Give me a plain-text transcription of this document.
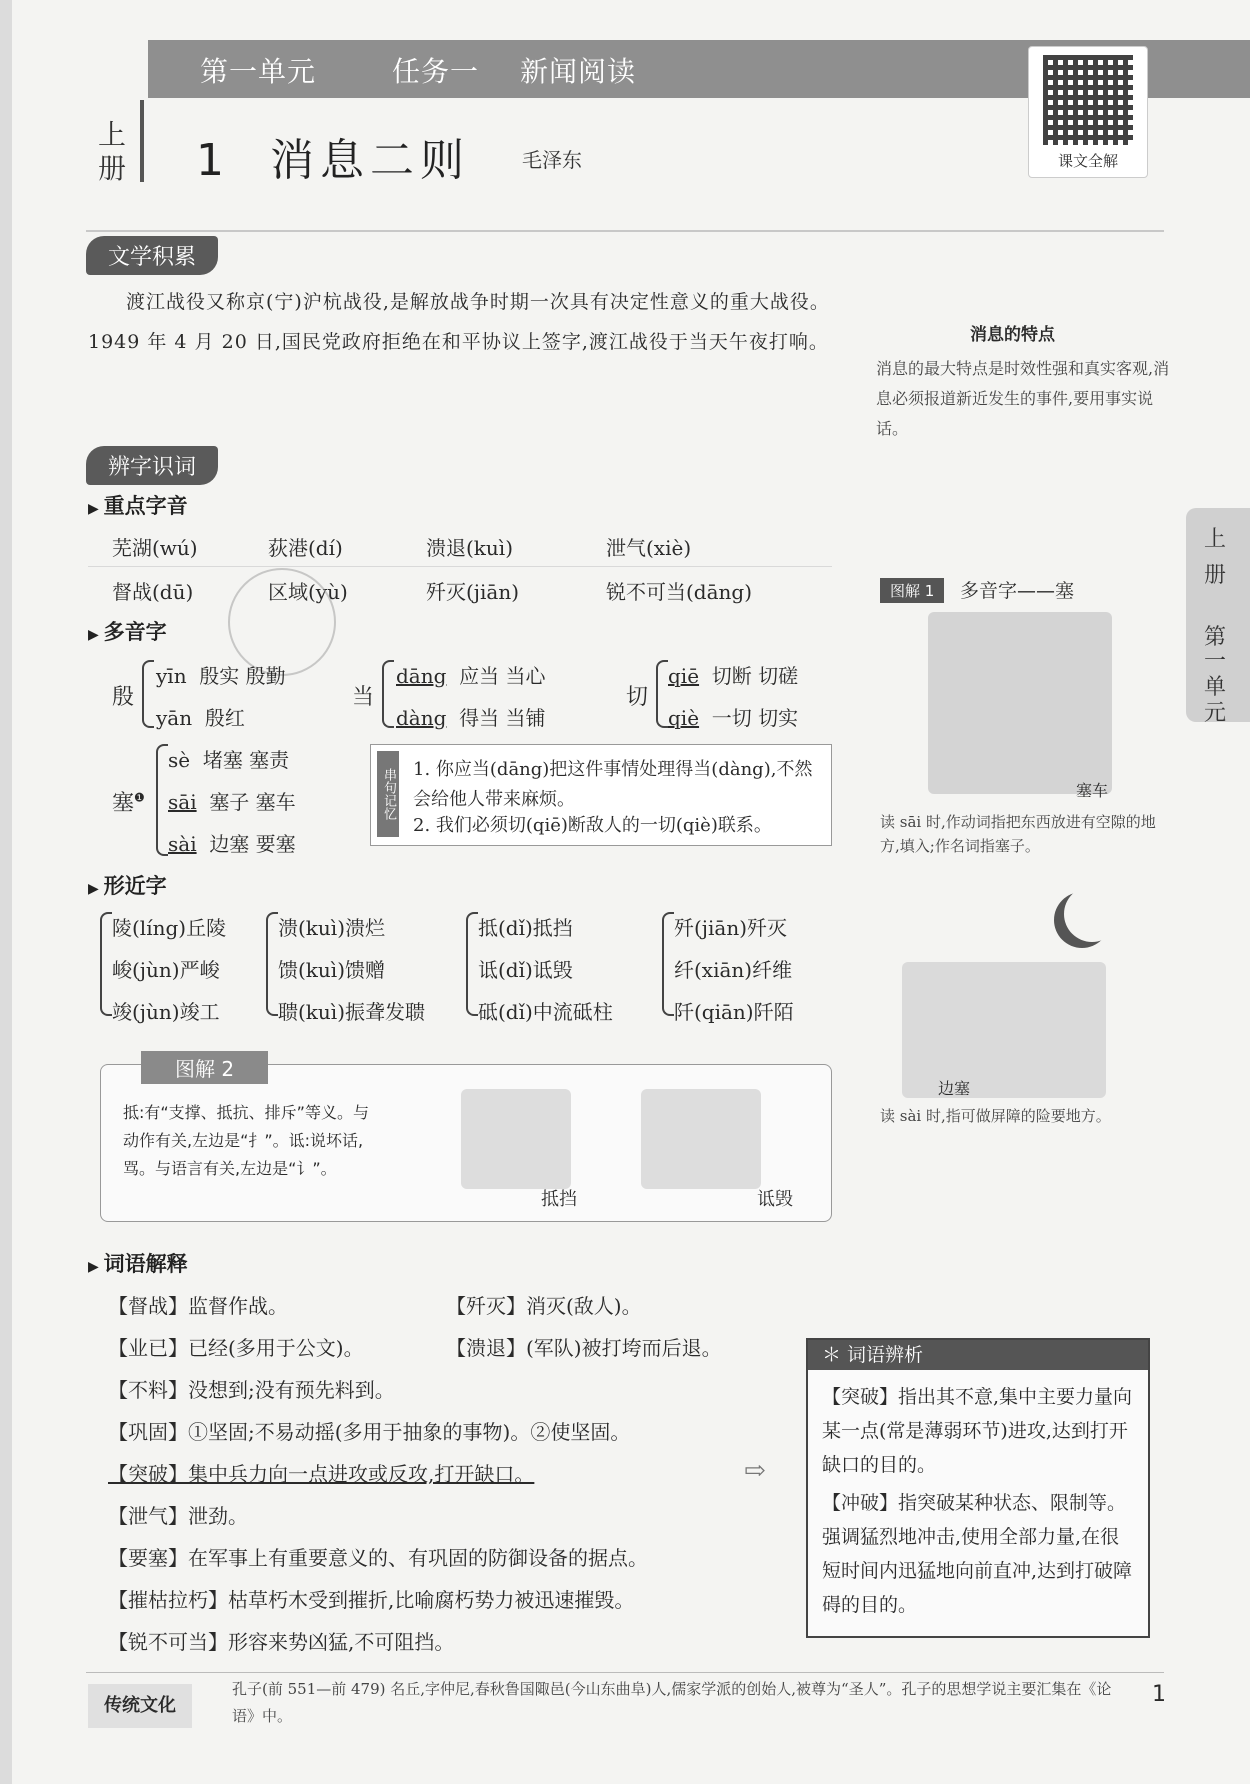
第一单元	任务一 新闻阅读
上册 1 消息二则	毛泽东	课文全解
文学积累
渡江战役又称京(宁)沪杭战役,是解放战争时期一次具有决定性意义的重大战役。1949 年 4 月 20 日,国民党政府拒绝在和平协议上签字,渡江战役于当天午夜打响。	消息的特点
消息的最大特点是时效性强和真实客观,消息必须报道新近发生的事件,要用事实说话。
辨字识词
▶ 重点字音
芜湖(wú)	荻港(dí)	溃退(kuì)	泄气(xiè)
督战(dū)	区域(yù)	歼灭(jiān)	锐不可当(dāng)
▶ 多音字
殷
yīn 殷实 殷勤
yān 殷红
当
dāng 应当 当心
dàng 得当 当铺
切
qiē 切断 切磋
qiè 一切 切实
塞$^❶$
sè 堵塞 塞责
sāi 塞子 塞车
sài 边塞 要塞
串句记忆 1. 你应当(dāng)把这件事情处理得当(dàng),不然会给他人带来麻烦。
2. 我们必须切(qiē)断敌人的一切(qiè)联系。
▶ 形近字
陵(líng)丘陵
峻(jùn)严峻
竣(jùn)竣工
溃(kuì)溃烂
馈(kuì)馈赠
聩(kuì)振聋发聩
抵(dǐ)抵挡
诋(dǐ)诋毁
砥(dǐ)中流砥柱
歼(jiān)歼灭
纤(xiān)纤维
阡(qiān)阡陌
图解 2
抵:有“支撑、抵抗、排斥”等义。与动作有关,左边是“扌”。诋:说坏话,骂。与语言有关,左边是“讠”。
抵挡	诋毁
图解 1	多音字——塞
塞车
读 sāi 时,作动词指把东西放进有空隙的地方,填入;作名词指塞子。
边塞
读 sài 时,指可做屏障的险要地方。
上
册
第
一
单
元
▶ 词语解释
【督战】监督作战。	【歼灭】消灭(敌人)。
【业已】已经(多用于公文)。	【溃退】(军队)被打垮而后退。
【不料】没想到;没有预先料到。
【巩固】①坚固;不易动摇(多用于抽象的事物)。②使坚固。
【突破】集中兵力向一点进攻或反攻,打开缺口。	⇨
【泄气】泄劲。
【要塞】在军事上有重要意义的、有巩固的防御设备的据点。
【摧枯拉朽】枯草朽木受到摧折,比喻腐朽势力被迅速摧毁。
【锐不可当】形容来势凶猛,不可阻挡。
＊ 词语辨析
【突破】指出其不意,集中主要力量向某一点(常是薄弱环节)进攻,达到打开缺口的目的。
【冲破】指突破某种状态、限制等。强调猛烈地冲击,使用全部力量,在很短时间内迅猛地向前直冲,达到打破障碍的目的。
传统文化
孔子(前 551—前 479) 名丘,字仲尼,春秋鲁国陬邑(今山东曲阜)人,儒家学派的创始人,被尊为“圣人”。孔子的思想学说主要汇集在《论语》中。
1
